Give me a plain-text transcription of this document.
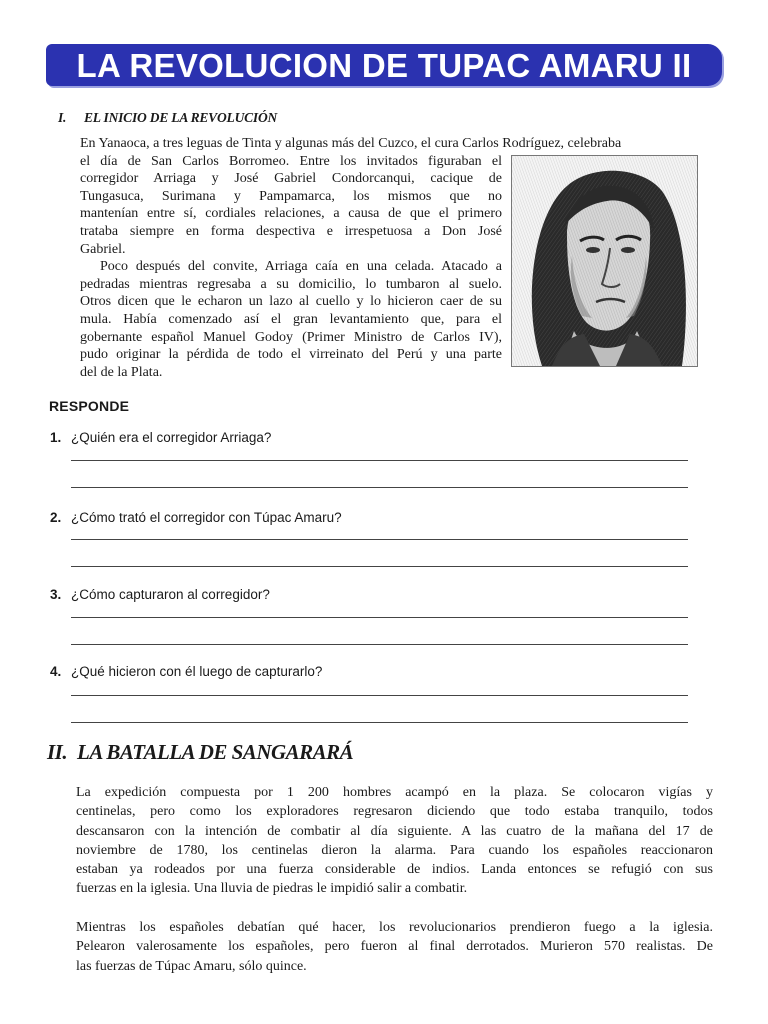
LA REVOLUCION DE TUPAC AMARU II
I. EL INICIO DE LA REVOLUCIÓN

En Yanaoca, a tres leguas de Tinta y algunas más del Cuzco, el cura Carlos Rodríguez, celebraba

el día de San Carlos Borromeo. Entre los invitados figuraban el
corregidor Arriaga y José Gabriel Condorcanqui, cacique de
Tungasuca, Surimana y Pampamarca, los mismos que no
mantenían entre sí, cordiales relaciones, a causa de que el primero
trataba siempre en forma despectiva e irrespetuosa a Don José
Gabriel.
Poco después del convite, Arriaga caía en una celada. Atacado a
pedradas mientras regresaba a su domicilio, lo tumbaron al suelo.
Otros dicen que le echaron un lazo al cuello y lo hicieron caer de su
mula. Había comenzado así el gran levantamiento que, para el
gobernante español Manuel Godoy (Primer Ministro de Carlos IV),
pudo originar la pérdida de todo el virreinato del Perú y una parte
del de la Plata.
RESPONDE
1. ¿Quién era el corregidor Arriaga?
2. ¿Cómo trató el corregidor con Túpac Amaru?
3. ¿Cómo capturaron al corregidor?
4. ¿Qué hicieron con él luego de capturarlo?
II. LA BATALLA DE SANGARARÁ
La expedición compuesta por 1 200 hombres acampó en la plaza. Se colocaron vigías y
centinelas, pero como los exploradores regresaron diciendo que todo estaba tranquilo, todos
descansaron con la intención de combatir al día siguiente. A las cuatro de la mañana del 17 de
noviembre de 1780, los centinelas dieron la alarma. Para cuando los españoles reaccionaron
estaban ya rodeados por una fuerza considerable de indios. Landa entonces se refugió con sus
fuerzas en la iglesia. Una lluvia de piedras le impidió salir a combatir.
Mientras los españoles debatían qué hacer, los revolucionarios prendieron fuego a la iglesia.
Pelearon valerosamente los españoles, pero fueron al final derrotados. Murieron 570 realistas. De
las fuerzas de Túpac Amaru, sólo quince.
